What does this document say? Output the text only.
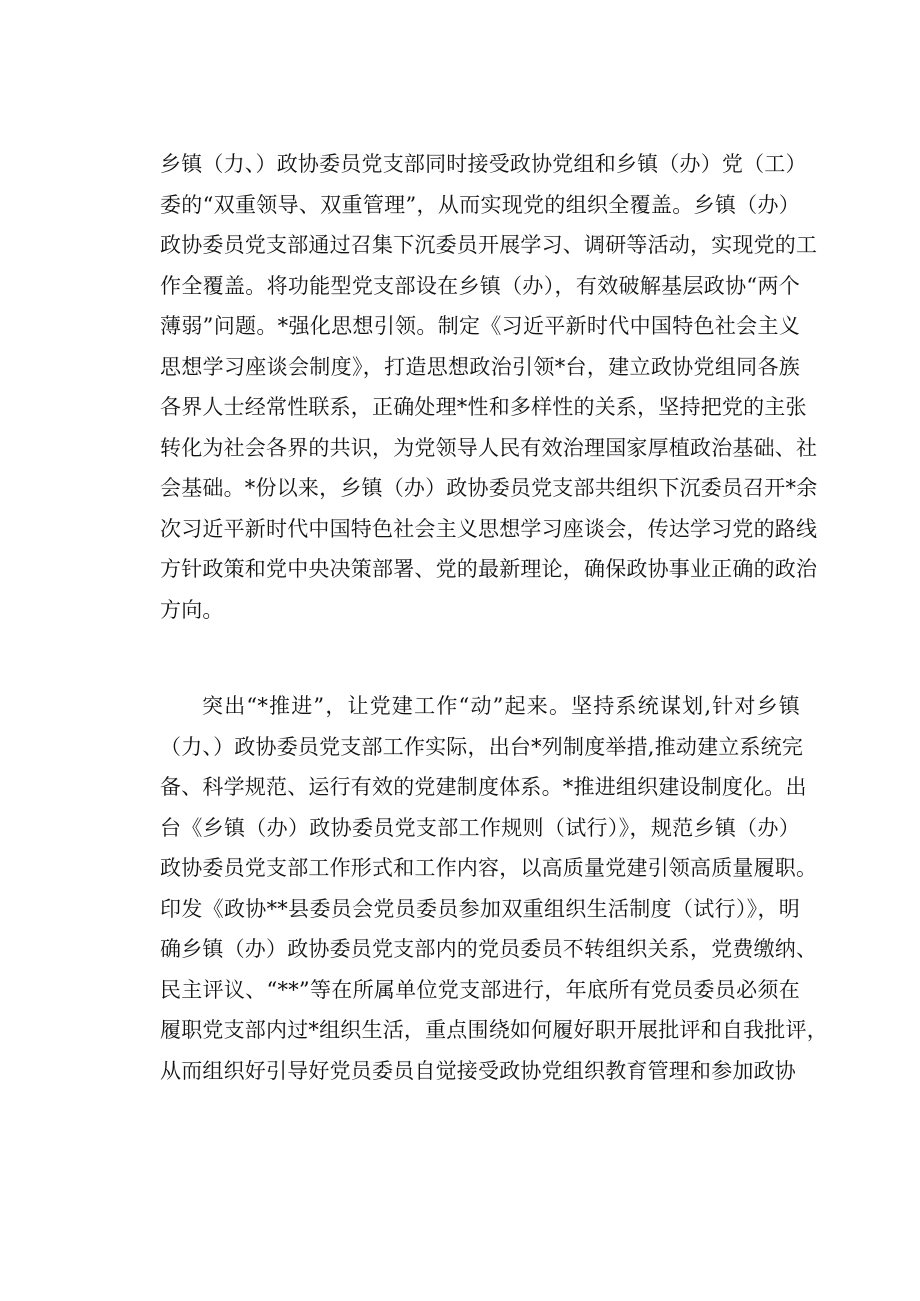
乡镇（力、）政协委员党支部同时接受政协党组和乡镇（办）党（工）
委的“双重领导、双重管理”，从而实现党的组织全覆盖。乡镇（办）
政协委员党支部通过召集下沉委员开展学习、调研等活动，实现党的工
作全覆盖。将功能型党支部设在乡镇（办），有效破解基层政协“两个
薄弱”问题。*强化思想引领。制定《习近平新时代中国特色社会主义
思想学习座谈会制度》，打造思想政治引领*台，建立政协党组同各族
各界人士经常性联系，正确处理*性和多样性的关系，坚持把党的主张
转化为社会各界的共识，为党领导人民有效治理国家厚植政治基础、社
会基础。*份以来，乡镇（办）政协委员党支部共组织下沉委员召开*余
次习近平新时代中国特色社会主义思想学习座谈会，传达学习党的路线
方针政策和党中央决策部署、党的最新理论，确保政协事业正确的政治
方向。
突出“*推进”，让党建工作“动”起来。坚持系统谋划,针对乡镇
（力、）政协委员党支部工作实际，出台*列制度举措,推动建立系统完
备、科学规范、运行有效的党建制度体系。*推进组织建设制度化。出
台《乡镇（办）政协委员党支部工作规则（试行）》，规范乡镇（办）
政协委员党支部工作形式和工作内容，以高质量党建引领高质量履职。
印发《政协**县委员会党员委员参加双重组织生活制度（试行）》，明
确乡镇（办）政协委员党支部内的党员委员不转组织关系，党费缴纳、
民主评议、“**”等在所属单位党支部进行，年底所有党员委员必须在
履职党支部内过*组织生活，重点围绕如何履好职开展批评和自我批评，
从而组织好引导好党员委员自觉接受政协党组织教育管理和参加政协
